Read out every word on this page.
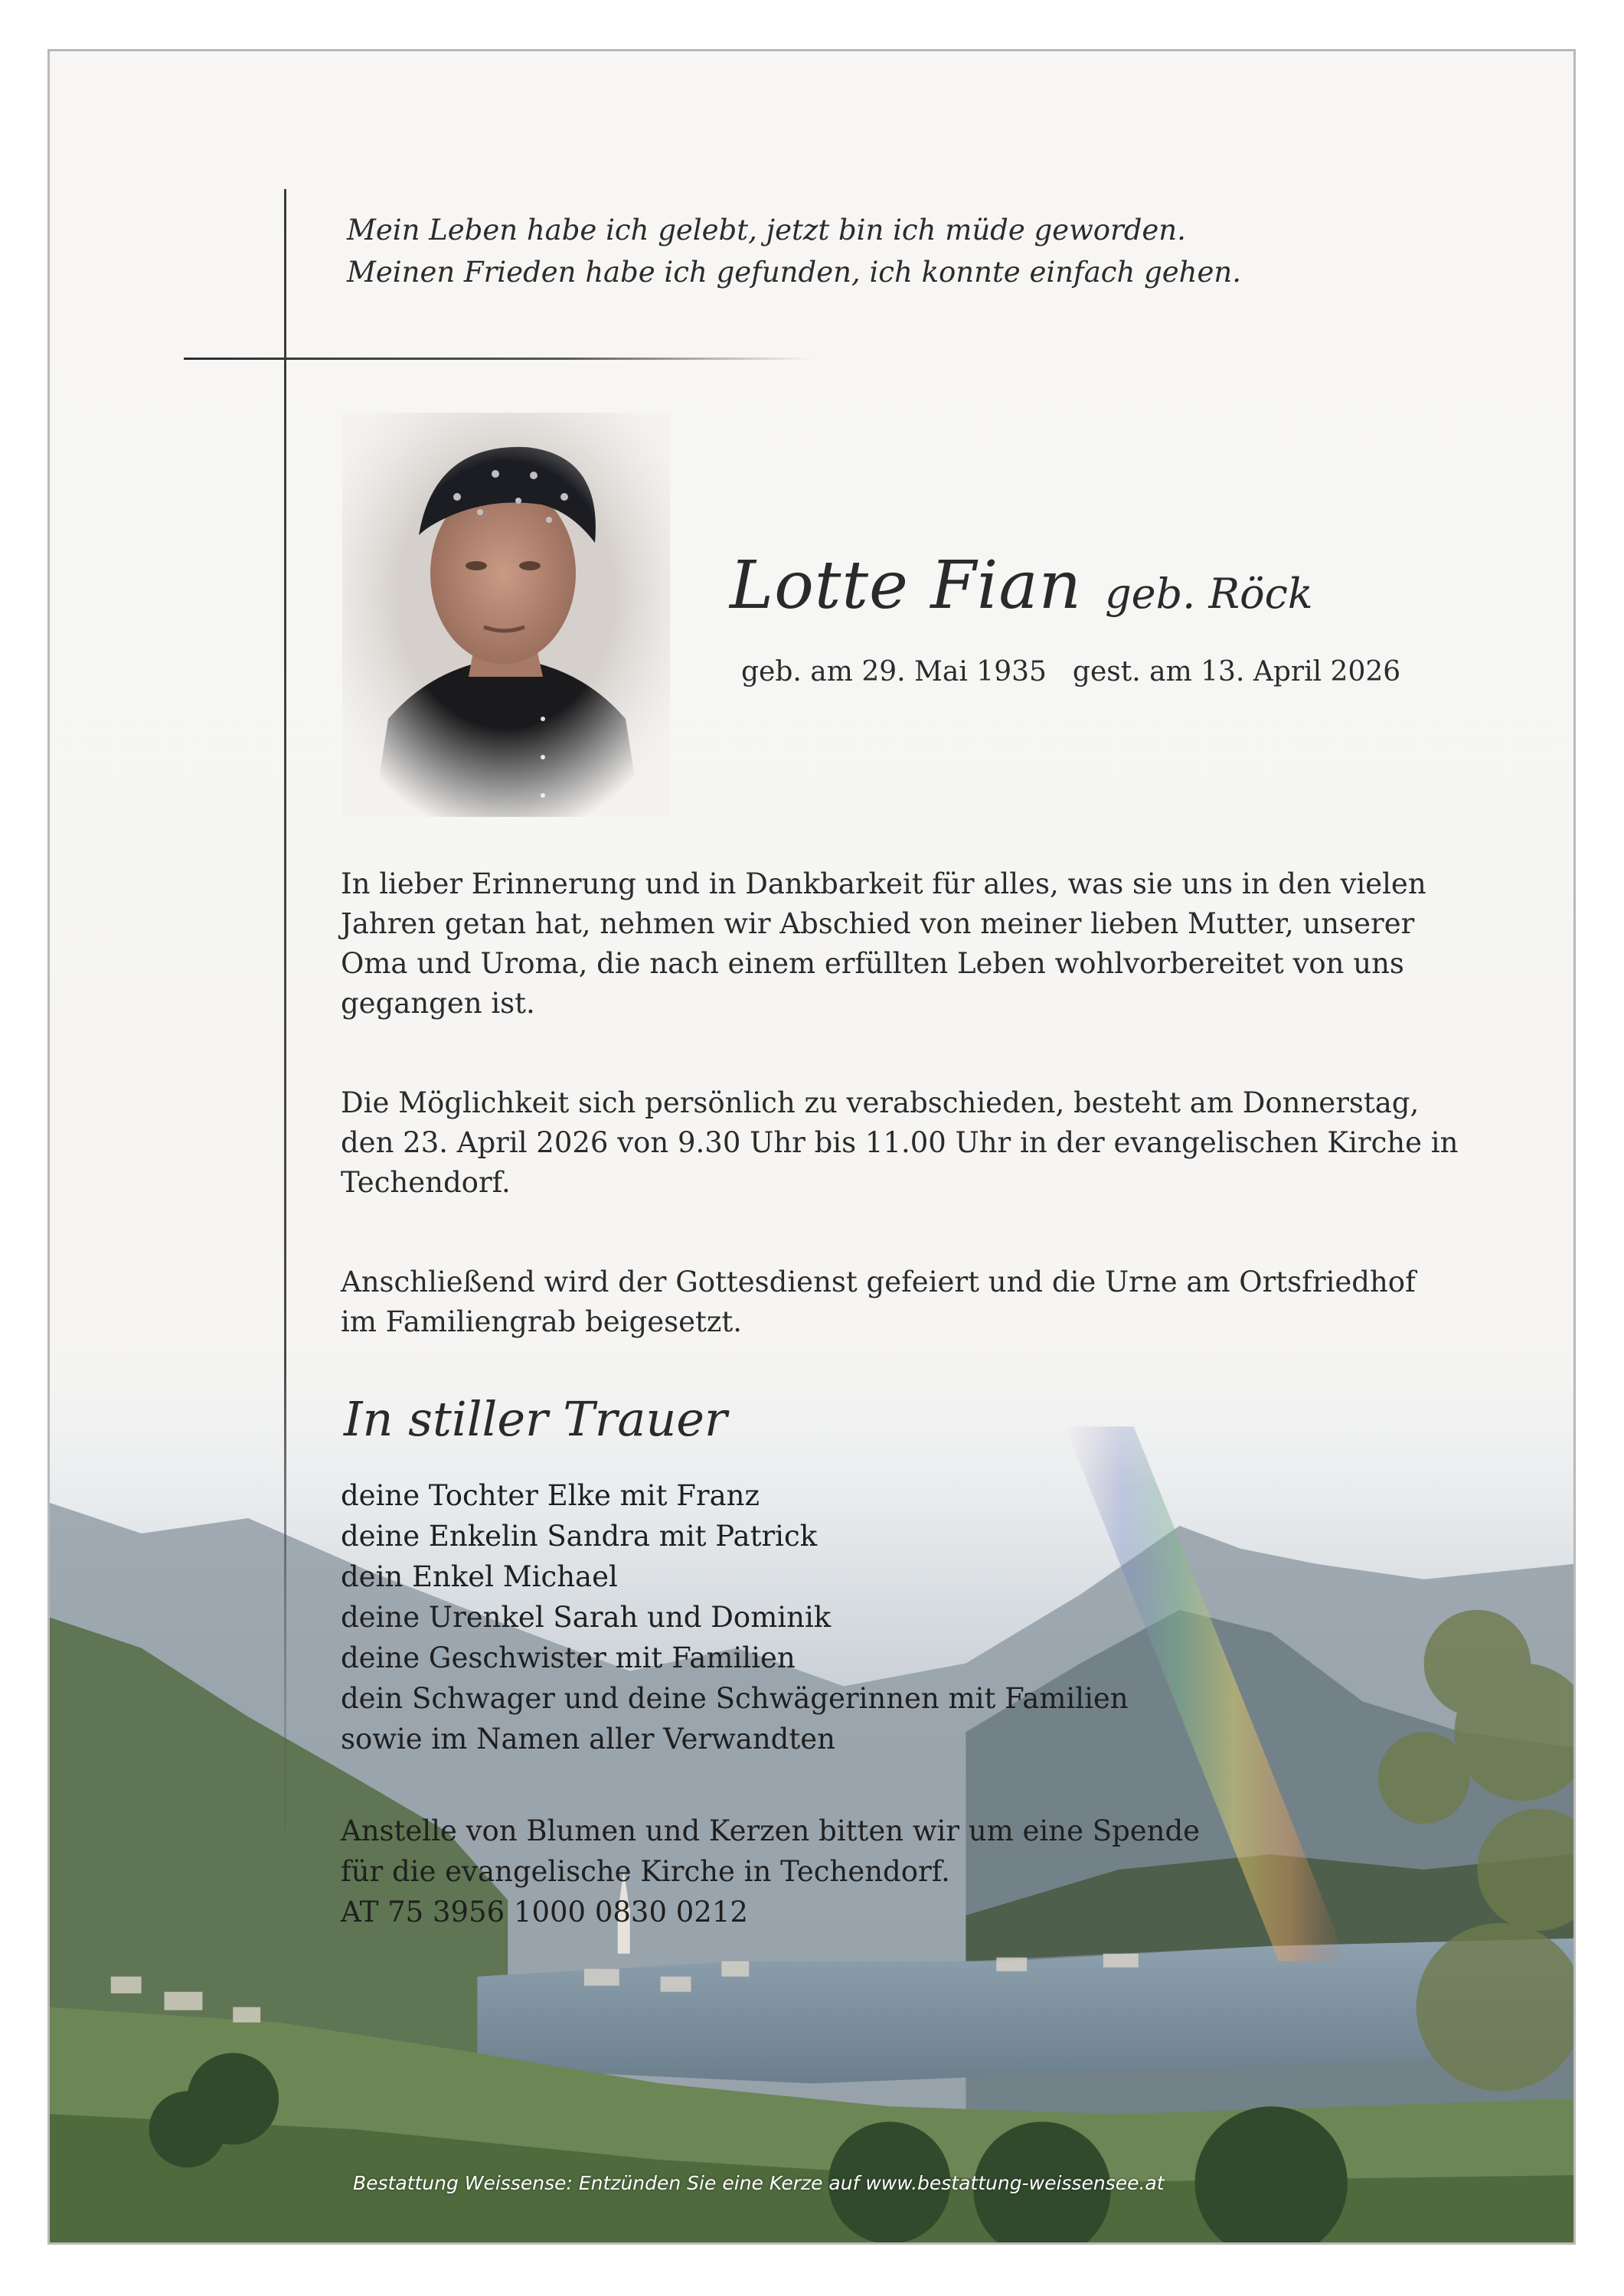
Mein Leben habe ich gelebt, jetzt bin ich müde geworden.
Meinen Frieden habe ich gefunden, ich konnte einfach gehen.
Lotte Fian geb. Röck
geb. am 29. Mai 1935 gest. am 13. April 2026
In lieber Erinnerung und in Dankbarkeit für alles, was sie uns in den vielen
Jahren getan hat, nehmen wir Abschied von meiner lieben Mutter, unserer
Oma und Uroma, die nach einem erfüllten Leben wohlvorbereitet von uns
gegangen ist.
Die Möglichkeit sich persönlich zu verabschieden, besteht am Donnerstag,
den 23. April 2026 von 9.30 Uhr bis 11.00 Uhr in der evangelischen Kirche in
Techendorf.
Anschließend wird der Gottesdienst gefeiert und die Urne am Ortsfriedhof
im Familiengrab beigesetzt.
In stiller Trauer
deine Tochter Elke mit Franz
deine Enkelin Sandra mit Patrick
dein Enkel Michael
deine Urenkel Sarah und Dominik
deine Geschwister mit Familien
dein Schwager und deine Schwägerinnen mit Familien
sowie im Namen aller Verwandten
Anstelle von Blumen und Kerzen bitten wir um eine Spende
für die evangelische Kirche in Techendorf.
AT 75 3956 1000 0830 0212
Bestattung Weissense: Entzünden Sie eine Kerze auf www.bestattung-weissensee.at
